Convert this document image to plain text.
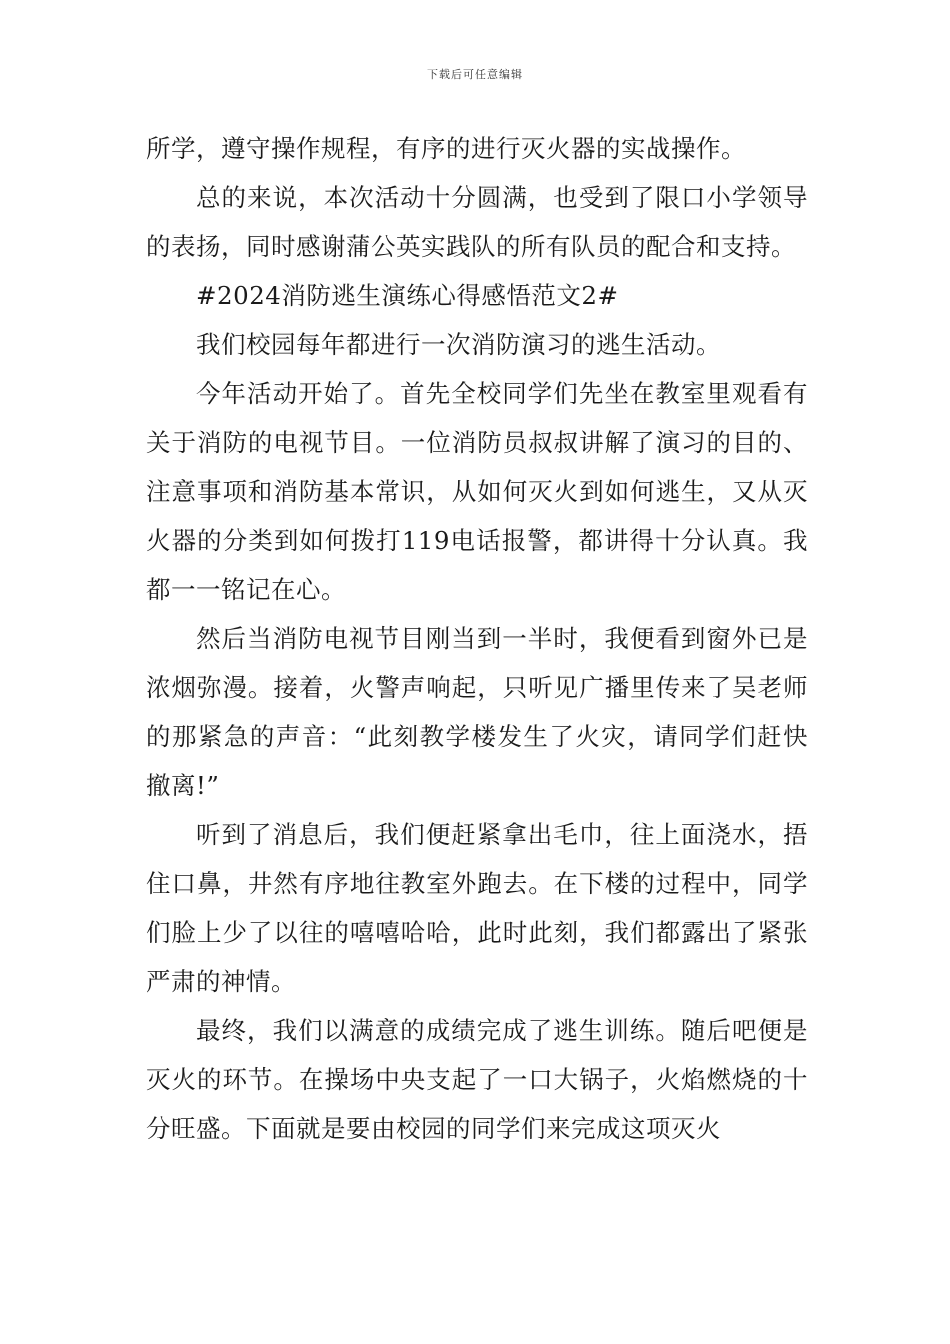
下载后可任意编辑

所学，遵守操作规程，有序的进行灭火器的实战操作。

总的来说，本次活动十分圆满，也受到了限口小学领导的表扬，同时感谢蒲公英实践队的所有队员的配合和支持。

#2024消防逃生演练心得感悟范文2#

我们校园每年都进行一次消防演习的逃生活动。

今年活动开始了。首先全校同学们先坐在教室里观看有关于消防的电视节目。一位消防员叔叔讲解了演习的目的、注意事项和消防基本常识，从如何灭火到如何逃生，又从灭火器的分类到如何拨打119电话报警，都讲得十分认真。我都一一铭记在心。

然后当消防电视节目刚当到一半时，我便看到窗外已是浓烟弥漫。接着，火警声响起，只听见广播里传来了吴老师的那紧急的声音：“此刻教学楼发生了火灾，请同学们赶快撤离!”

听到了消息后，我们便赶紧拿出毛巾，往上面浇水，捂住口鼻，井然有序地往教室外跑去。在下楼的过程中，同学们脸上少了以往的嘻嘻哈哈，此时此刻，我们都露出了紧张严肃的神情。

最终，我们以满意的成绩完成了逃生训练。随后吧便是灭火的环节。在操场中央支起了一口大锅子，火焰燃烧的十分旺盛。下面就是要由校园的同学们来完成这项灭火
